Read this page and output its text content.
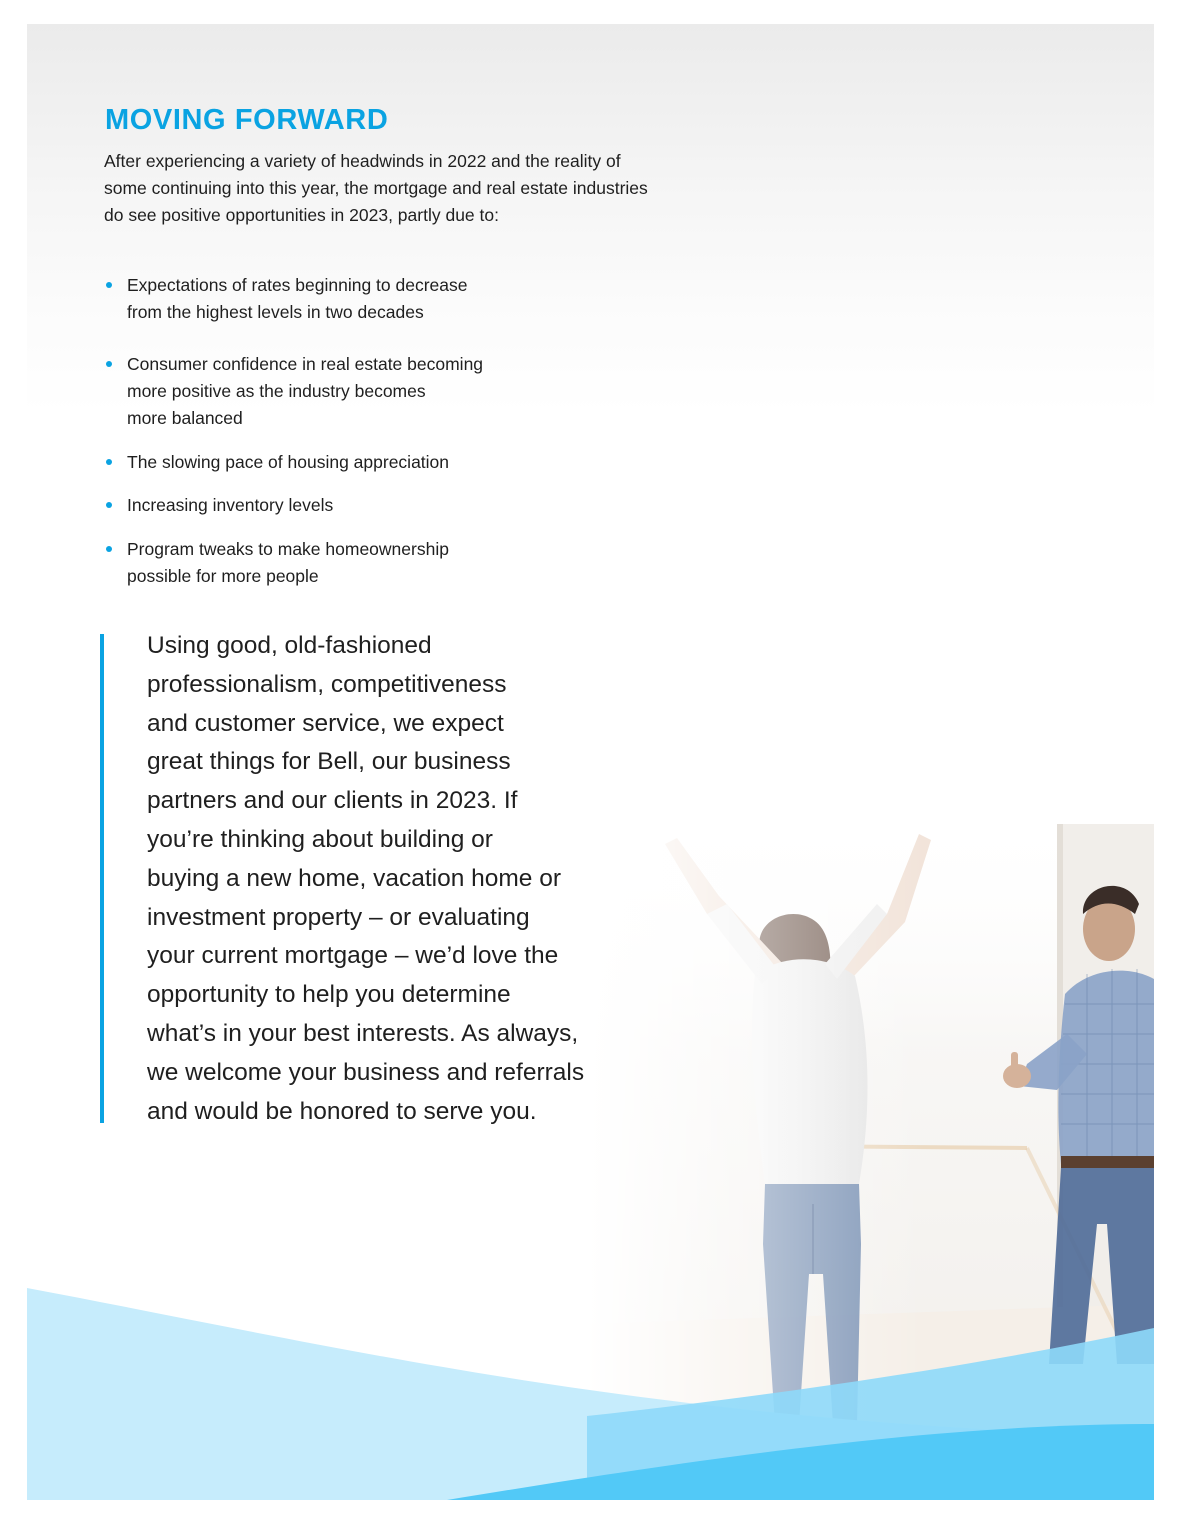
MOVING FORWARD

After experiencing a variety of headwinds in 2022 and the reality of some continuing into this year, the mortgage and real estate industries do see positive opportunities in 2023, partly due to:

Expectations of rates beginning to decrease
from the highest levels in two decades
Consumer confidence in real estate becoming
more positive as the industry becomes
more balanced
The slowing pace of housing appreciation
Increasing inventory levels
Program tweaks to make homeownership
possible for more people
Using good, old-fashioned
professionalism, competitiveness
and customer service, we expect
great things for Bell, our business
partners and our clients in 2023. If
you’re thinking about building or
buying a new home, vacation home or
investment property – or evaluating
your current mortgage – we’d love the
opportunity to help you determine
what’s in your best interests. As always,
we welcome your business and referrals
and would be honored to serve you.
